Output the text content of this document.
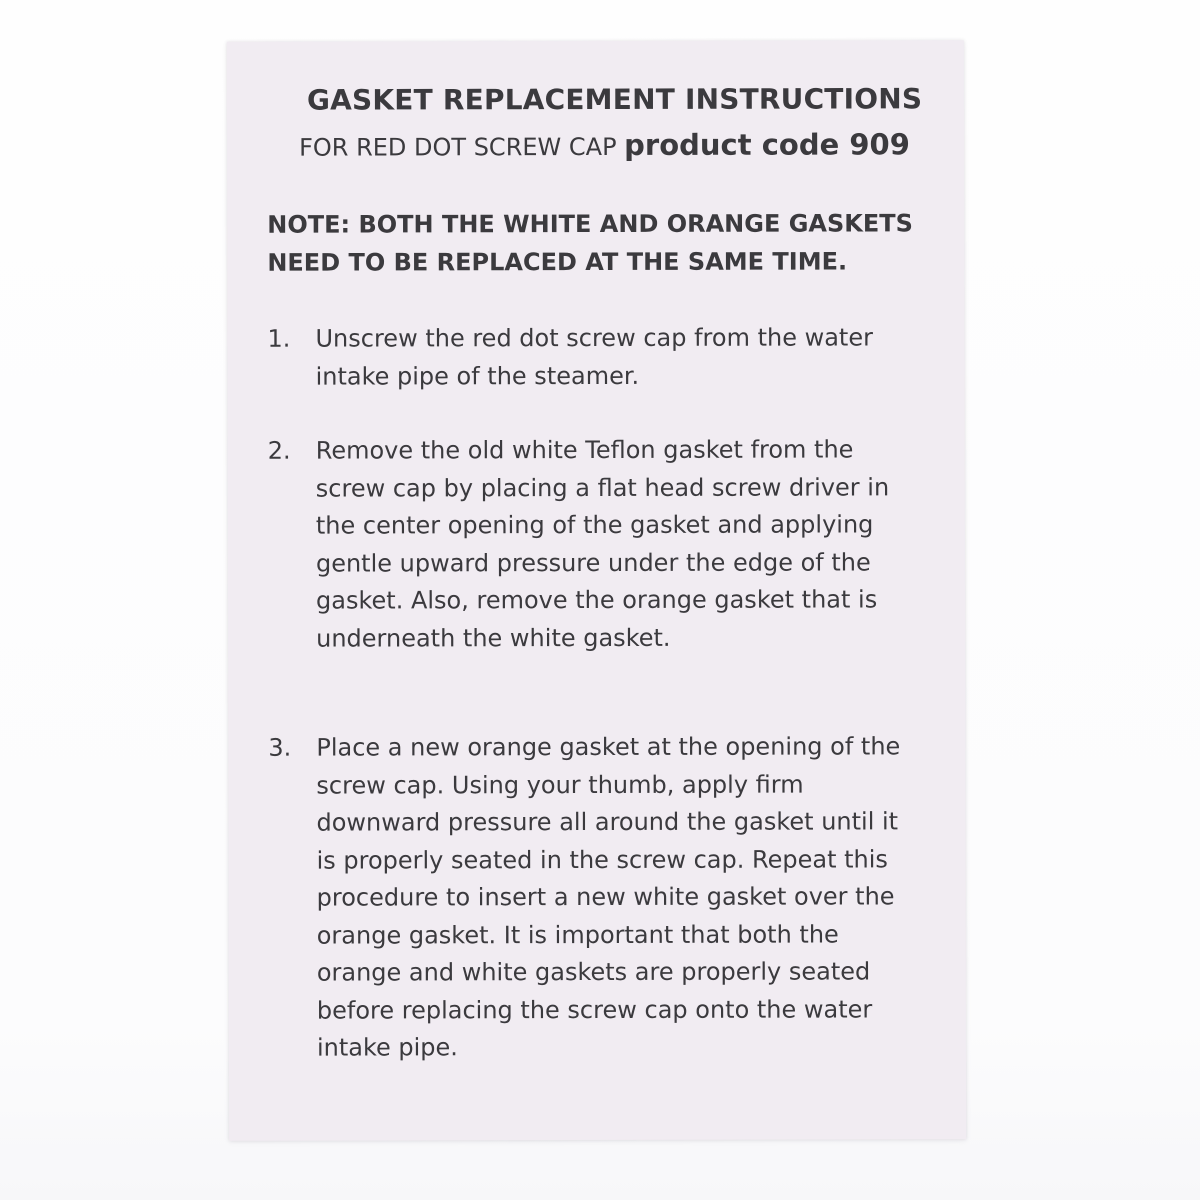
GASKET REPLACEMENT INSTRUCTIONS

FOR RED DOT SCREW CAP product code 909

NOTE: BOTH THE WHITE AND ORANGE GASKETS
NEED TO BE REPLACED AT THE SAME TIME.

1.	Unscrew the red dot screw cap from the water
intake pipe of the steamer.
2.	Remove the old white Teflon gasket from the
screw cap by placing a flat head screw driver in
the center opening of the gasket and applying
gentle upward pressure under the edge of the
gasket. Also, remove the orange gasket that is
underneath the white gasket.
3.	Place a new orange gasket at the opening of the
screw cap. Using your thumb, apply firm
downward pressure all around the gasket until it
is properly seated in the screw cap. Repeat this
procedure to insert a new white gasket over the
orange gasket. It is important that both the
orange and white gaskets are properly seated
before replacing the screw cap onto the water
intake pipe.
